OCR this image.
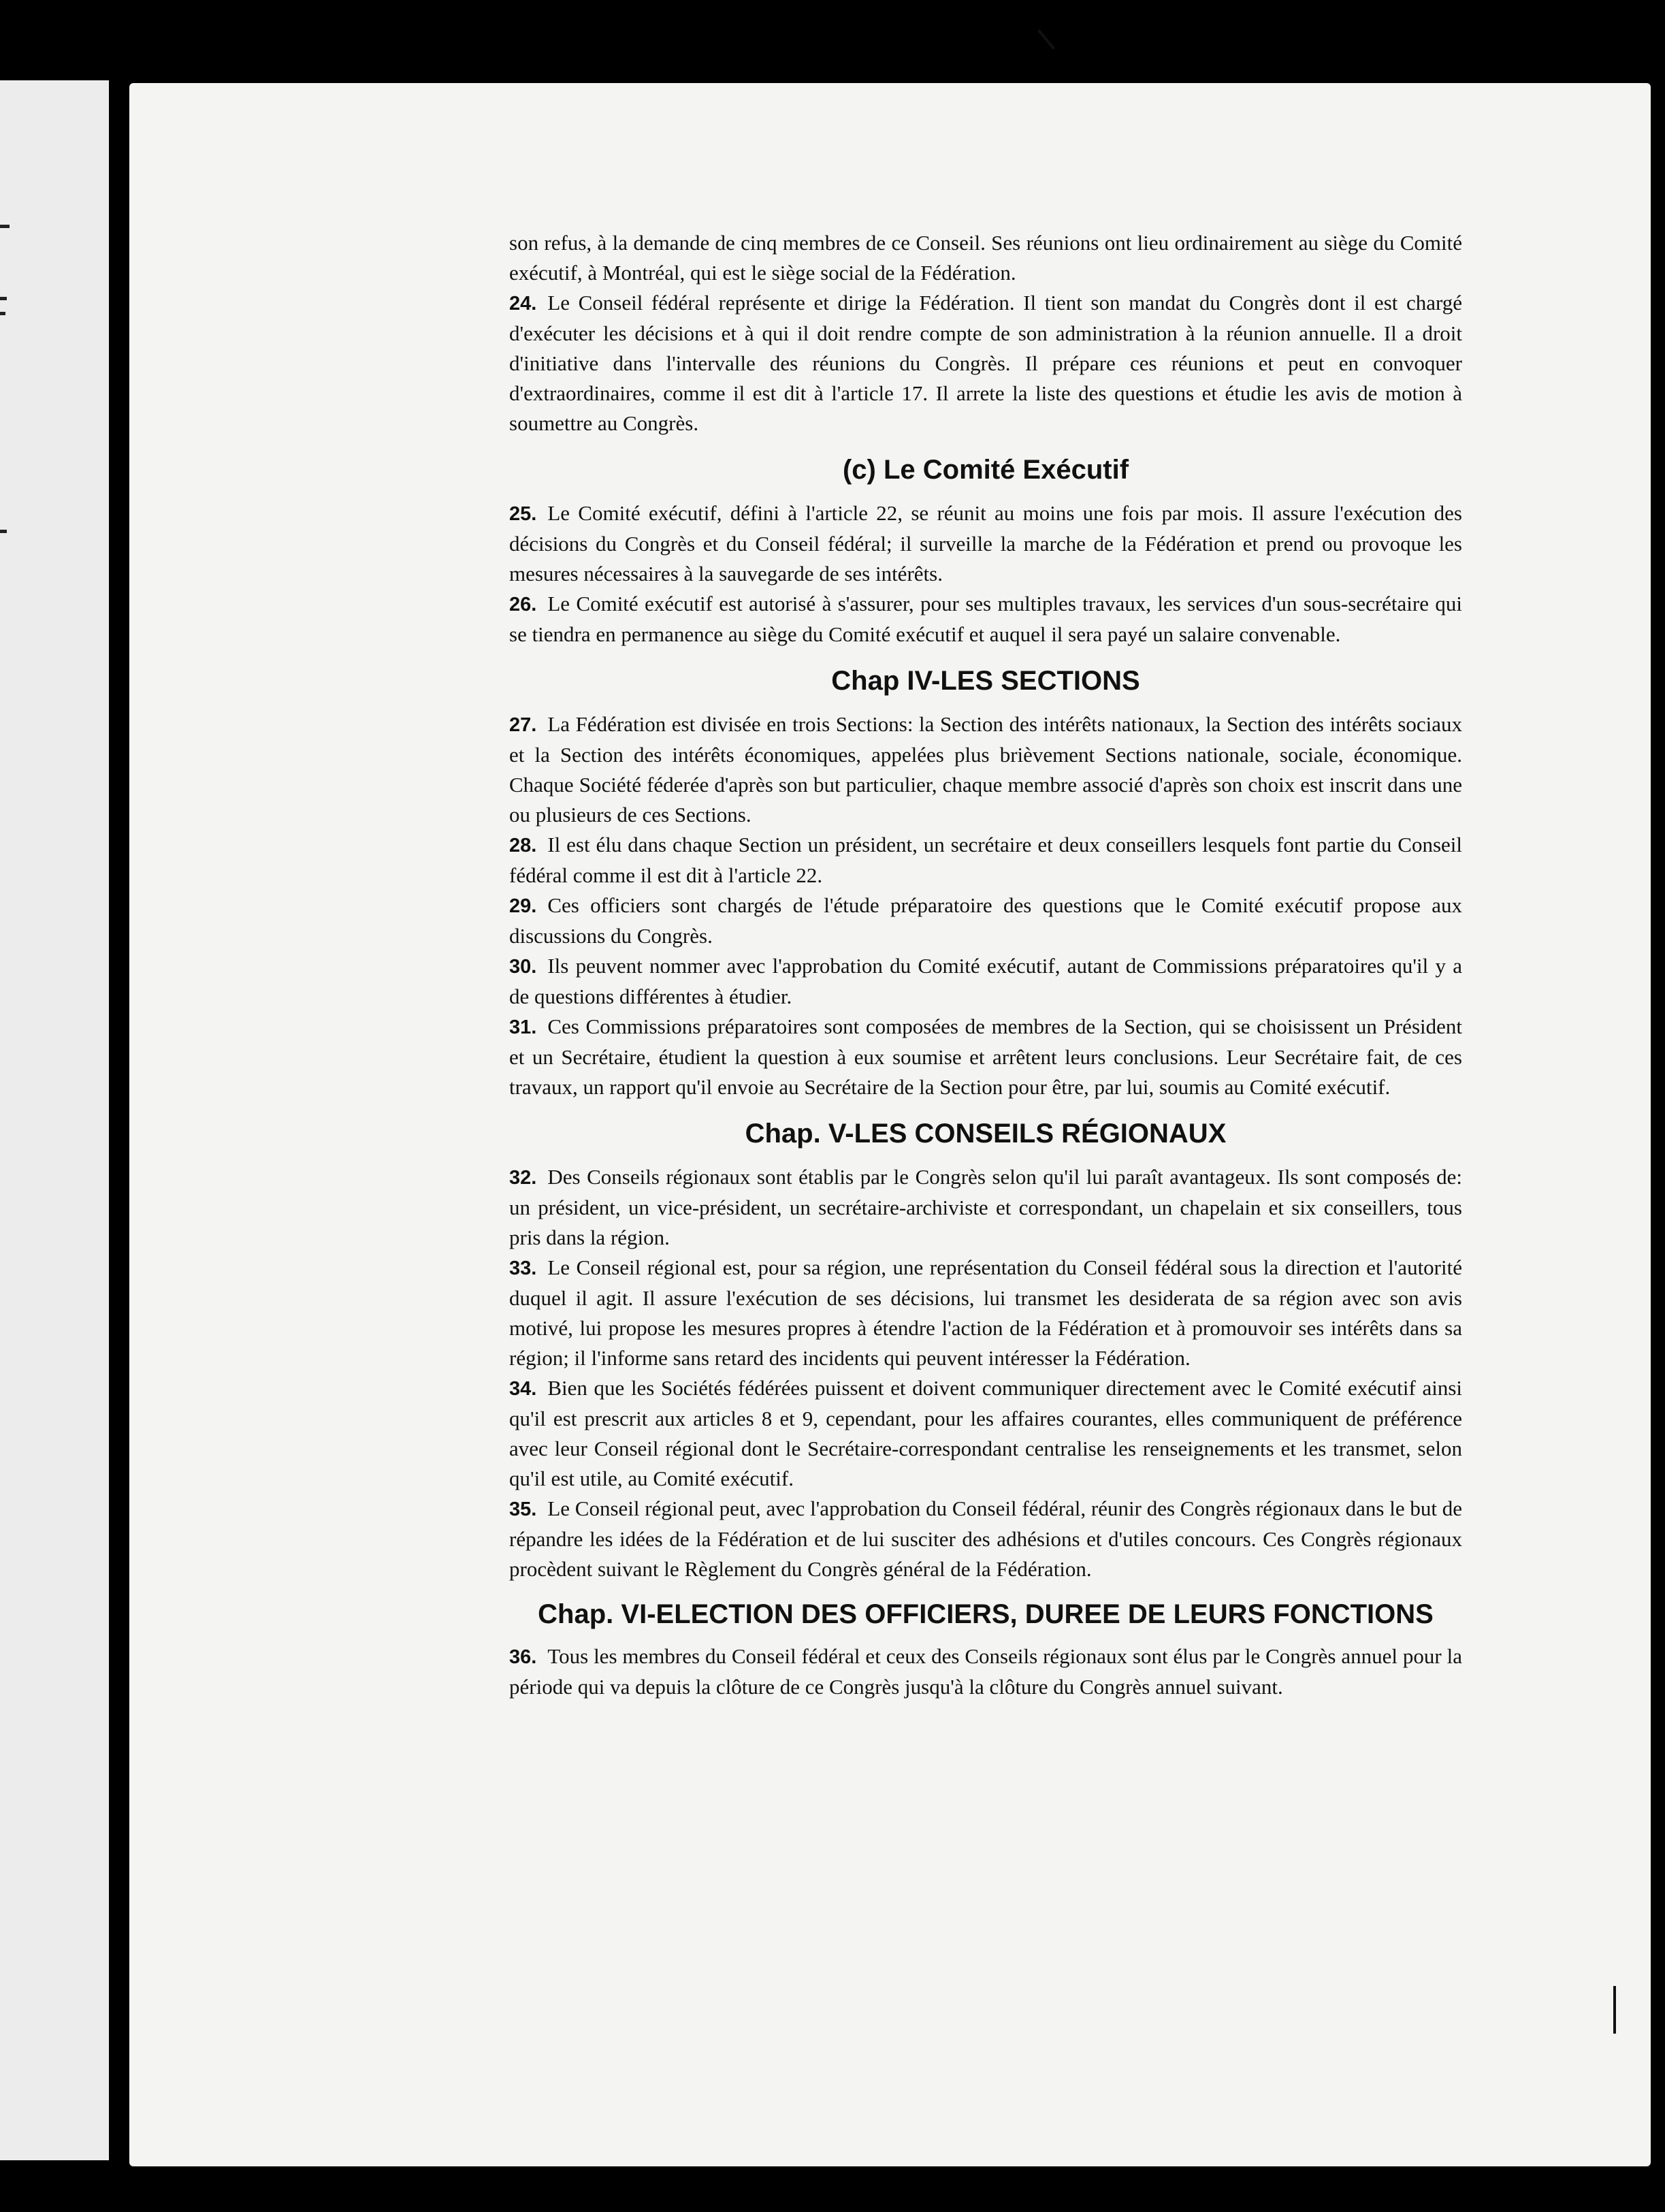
son refus, à la demande de cinq membres de ce Conseil. Ses réunions ont lieu ordinairement au siège du Comité exécutif, à Montréal, qui est le siège social de la Fédération.

24. Le Conseil fédéral représente et dirige la Fédération. Il tient son mandat du Congrès dont il est chargé d'exécuter les décisions et à qui il doit rendre compte de son administration à la réunion annuelle. Il a droit d'initiative dans l'intervalle des réunions du Congrès. Il prépare ces réunions et peut en convoquer d'extraordinaires, comme il est dit à l'article 17. Il arrete la liste des questions et étudie les avis de motion à soumettre au Congrès.

(c) Le Comité Exécutif

25. Le Comité exécutif, défini à l'article 22, se réunit au moins une fois par mois. Il assure l'exécution des décisions du Congrès et du Conseil fédéral; il surveille la marche de la Fédération et prend ou provoque les mesures nécessaires à la sauvegarde de ses intérêts.

26. Le Comité exécutif est autorisé à s'assurer, pour ses multiples travaux, les services d'un sous-secrétaire qui se tiendra en permanence au siège du Comité exécutif et auquel il sera payé un salaire convenable.

Chap IV-LES SECTIONS

27. La Fédération est divisée en trois Sections: la Section des intérêts nationaux, la Section des intérêts sociaux et la Section des intérêts économiques, appelées plus brièvement Sections nationale, sociale, économique. Chaque Société féderée d'après son but particulier, chaque membre associé d'après son choix est inscrit dans une ou plusieurs de ces Sections.

28. Il est élu dans chaque Section un président, un secrétaire et deux conseillers lesquels font partie du Conseil fédéral comme il est dit à l'article 22.

29. Ces officiers sont chargés de l'étude préparatoire des questions que le Comité exécutif propose aux discussions du Congrès.

30. Ils peuvent nommer avec l'approbation du Comité exécutif, autant de Commissions préparatoires qu'il y a de questions différentes à étudier.

31. Ces Commissions préparatoires sont composées de membres de la Section, qui se choisissent un Président et un Secrétaire, étudient la question à eux soumise et arrêtent leurs conclusions. Leur Secrétaire fait, de ces travaux, un rapport qu'il envoie au Secrétaire de la Section pour être, par lui, soumis au Comité exécutif.

Chap. V-LES CONSEILS RÉGIONAUX

32. Des Conseils régionaux sont établis par le Congrès selon qu'il lui paraît avantageux. Ils sont composés de: un président, un vice-président, un secrétaire-archiviste et correspondant, un chapelain et six conseillers, tous pris dans la région.

33. Le Conseil régional est, pour sa région, une représentation du Conseil fédéral sous la direction et l'autorité duquel il agit. Il assure l'exécution de ses décisions, lui transmet les desiderata de sa région avec son avis motivé, lui propose les mesures propres à étendre l'action de la Fédération et à promouvoir ses intérêts dans sa région; il l'informe sans retard des incidents qui peuvent intéresser la Fédération.

34. Bien que les Sociétés fédérées puissent et doivent communiquer directement avec le Comité exécutif ainsi qu'il est prescrit aux articles 8 et 9, cependant, pour les affaires courantes, elles communiquent de préférence avec leur Conseil régional dont le Secrétaire-correspondant centralise les renseignements et les transmet, selon qu'il est utile, au Comité exécutif.

35. Le Conseil régional peut, avec l'approbation du Conseil fédéral, réunir des Congrès régionaux dans le but de répandre les idées de la Fédération et de lui susciter des adhésions et d'utiles concours. Ces Congrès régionaux procèdent suivant le Règlement du Congrès général de la Fédération.

Chap. VI-ELECTION DES OFFICIERS, DUREE DE LEURS FONCTIONS

36. Tous les membres du Conseil fédéral et ceux des Conseils régionaux sont élus par le Congrès annuel pour la période qui va depuis la clôture de ce Congrès jusqu'à la clôture du Congrès annuel suivant.
